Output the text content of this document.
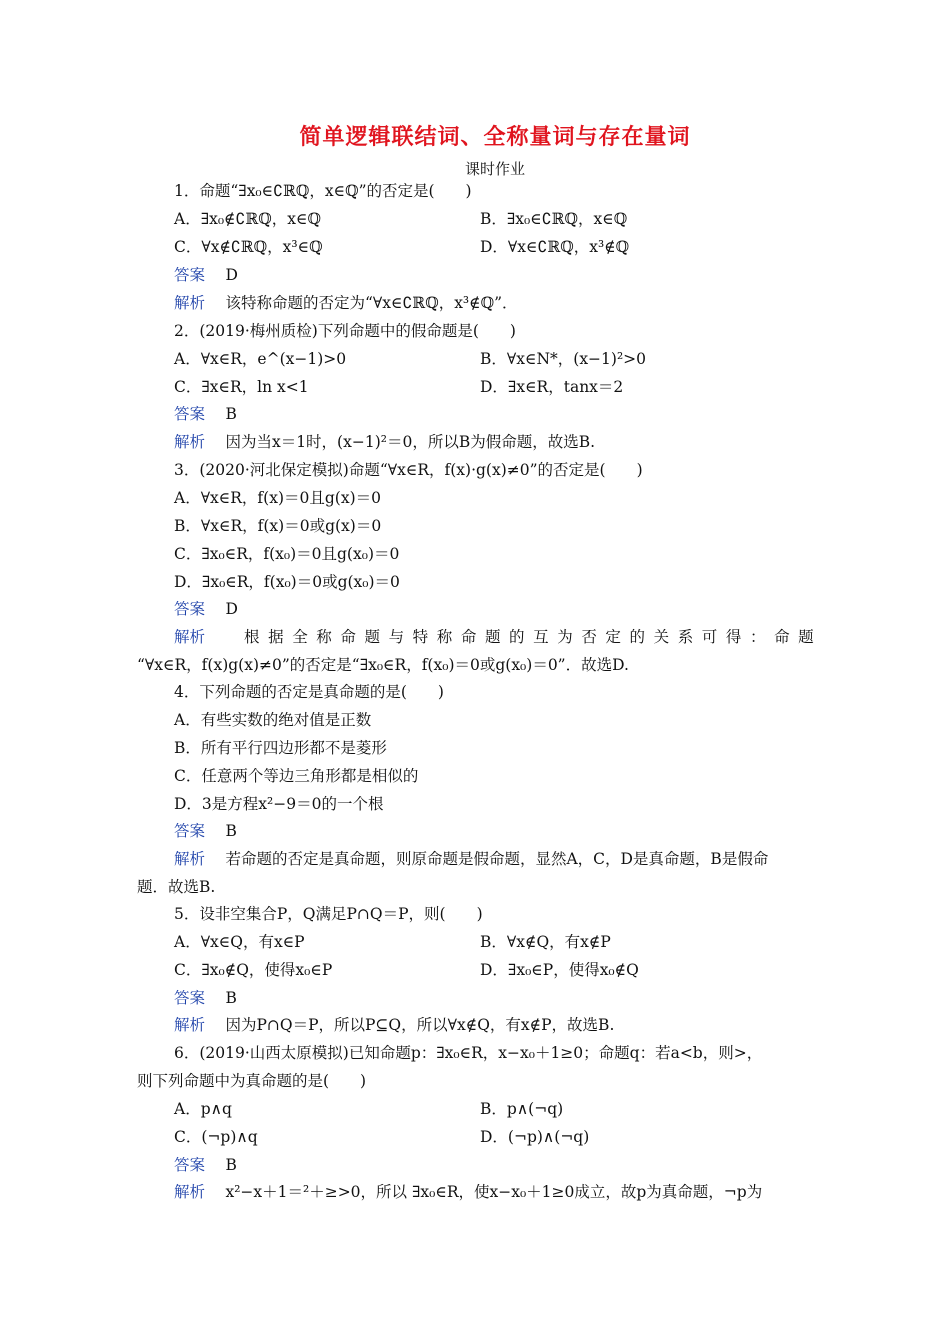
简单逻辑联结词、全称量词与存在量词
课时作业
1．命题“∃x₀∈∁ℝℚ，x∈ℚ”的否定是(　　)
A．∃x₀∉∁ℝℚ，x∈ℚ	B．∃x₀∈∁ℝℚ，x∈ℚ
C．∀x∉∁ℝℚ，x³∈ℚ	D．∀x∈∁ℝℚ，x³∉ℚ
答案　 D
解析　 该特称命题的否定为“∀x∈∁ℝℚ，x³∉ℚ”．
2．(2019·梅州质检)下列命题中的假命题是(　　)
A．∀x∈R，e^(x−1)>0	B．∀x∈N*，(x−1)²>0
C．∃x∈R，ln x<1	D．∃x∈R，tanx＝2
答案　 B
解析　 因为当x＝1时，(x−1)²＝0，所以B为假命题，故选B.
3．(2020·河北保定模拟)命题“∀x∈R，f(x)·g(x)≠0”的否定是(　　)
A．∀x∈R，f(x)＝0且g(x)＝0
B．∀x∈R，f(x)＝0或g(x)＝0
C．∃x₀∈R，f(x₀)＝0且g(x₀)＝0
D．∃x₀∈R，f(x₀)＝0或g(x₀)＝0
答案　 D
解析	根 据 全 称 命 题 与 特 称 命 题 的 互 为 否 定 的 关 系 可 得 ： 命 题
“∀x∈R，f(x)g(x)≠0”的否定是“∃x₀∈R，f(x₀)＝0或g(x₀)＝0”．故选D.
4．下列命题的否定是真命题的是(　　)
A．有些实数的绝对值是正数
B．所有平行四边形都不是菱形
C．任意两个等边三角形都是相似的
D．3是方程x²−9＝0的一个根
答案　 B
解析　 若命题的否定是真命题，则原命题是假命题，显然A，C，D是真命题，B是假命
题．故选B.
5．设非空集合P，Q满足P∩Q＝P，则(　　)
A．∀x∈Q，有x∈P	B．∀x∉Q，有x∉P
C．∃x₀∉Q，使得x₀∈P	D．∃x₀∈P，使得x₀∉Q
答案　 B
解析　 因为P∩Q＝P，所以P⊆Q，所以∀x∉Q，有x∉P，故选B.
6．(2019·山西太原模拟)已知命题p：∃x₀∈R，x−x₀＋1≥0；命题q：若a<b，则>，
则下列命题中为真命题的是(　　)
A．p∧q	B．p∧(¬q)
C．(¬p)∧q	D．(¬p)∧(¬q)
答案　 B
解析　 x²−x＋1＝²＋≥>0，所以 ∃x₀∈R，使x−x₀＋1≥0成立，故p为真命题，¬p为
